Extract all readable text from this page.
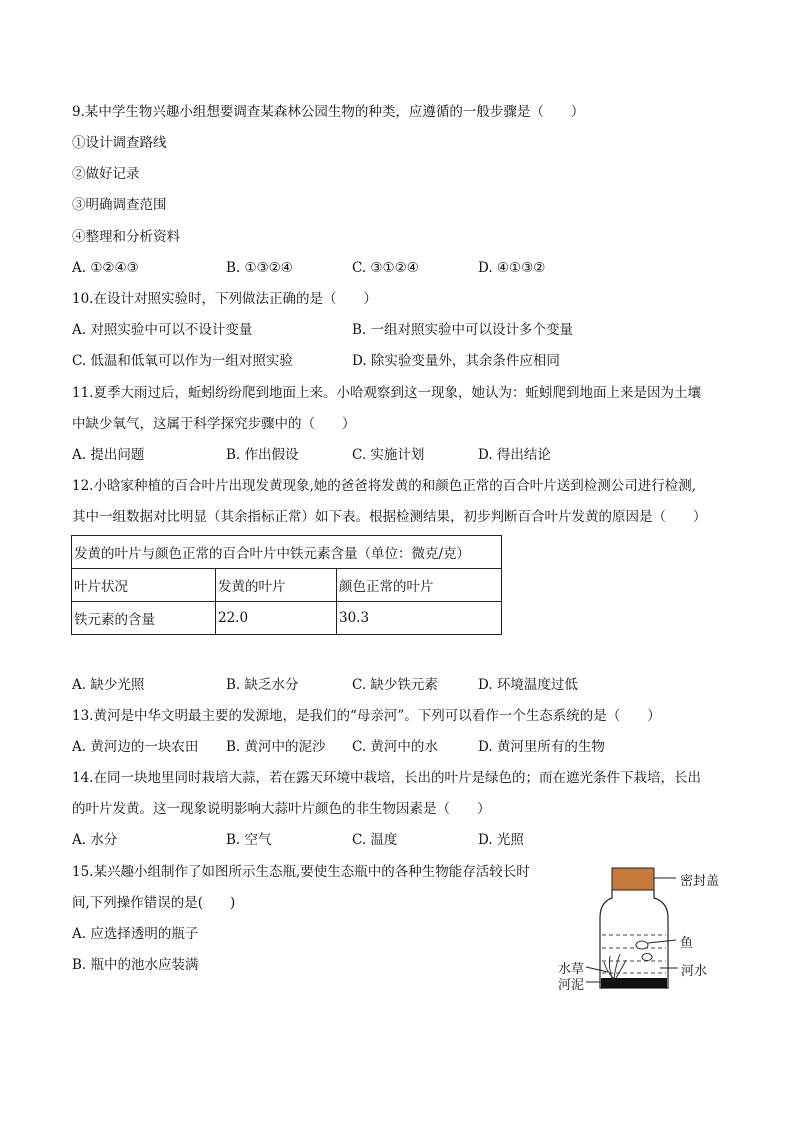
9.某中学生物兴趣小组想要调查某森林公园生物的种类，应遵循的一般步骤是（　　）
①设计调查路线
②做好记录
③明确调查范围
④整理和分析资料
A. ①②④③	B. ①③②④	C. ③①②④	D. ④①③②
10.在设计对照实验时，下列做法正确的是（　　）
A. 对照实验中可以不设计变量	B. 一组对照实验中可以设计多个变量
C. 低温和低氧可以作为一组对照实验	D. 除实验变量外，其余条件应相同
11.夏季大雨过后，蚯蚓纷纷爬到地面上来。小哈观察到这一现象，她认为：蚯蚓爬到地面上来是因为土壤
中缺少氧气，这属于科学探究步骤中的（　　）
A. 提出问题	B. 作出假设	C. 实施计划	D. 得出结论
12.小晗家种植的百合叶片出现发黄现象,她的爸爸将发黄的和颜色正常的百合叶片送到检测公司进行检测,
其中一组数据对比明显（其余指标正常）如下表。根据检测结果，初步判断百合叶片发黄的原因是（　　）
发黄的叶片与颜色正常的百合叶片中铁元素含量（单位：微克/克）		
叶片状况	发黄的叶片	颜色正常的叶片
铁元素的含量	22.0	30.3
A. 缺少光照	B. 缺乏水分	C. 缺少铁元素	D. 环境温度过低
13.黄河是中华文明最主要的发源地，是我们的“母亲河”。下列可以看作一个生态系统的是（　　）
A. 黄河边的一块农田 B. 黄河中的泥沙 C. 黄河中的水	D. 黄河里所有的生物
14.在同一块地里同时栽培大蒜，若在露天环境中栽培，长出的叶片是绿色的；而在遮光条件下栽培，长出
的叶片发黄。这一现象说明影响大蒜叶片颜色的非生物因素是（　　）
A. 水分	B. 空气	C. 温度	D. 光照
15.某兴趣小组制作了如图所示生态瓶,要使生态瓶中的各种生物能存活较长时
间,下列操作错误的是(　　)
A. 应选择透明的瓶子
B. 瓶中的池水应装满
密封盖
鱼
水草	河水
河泥
